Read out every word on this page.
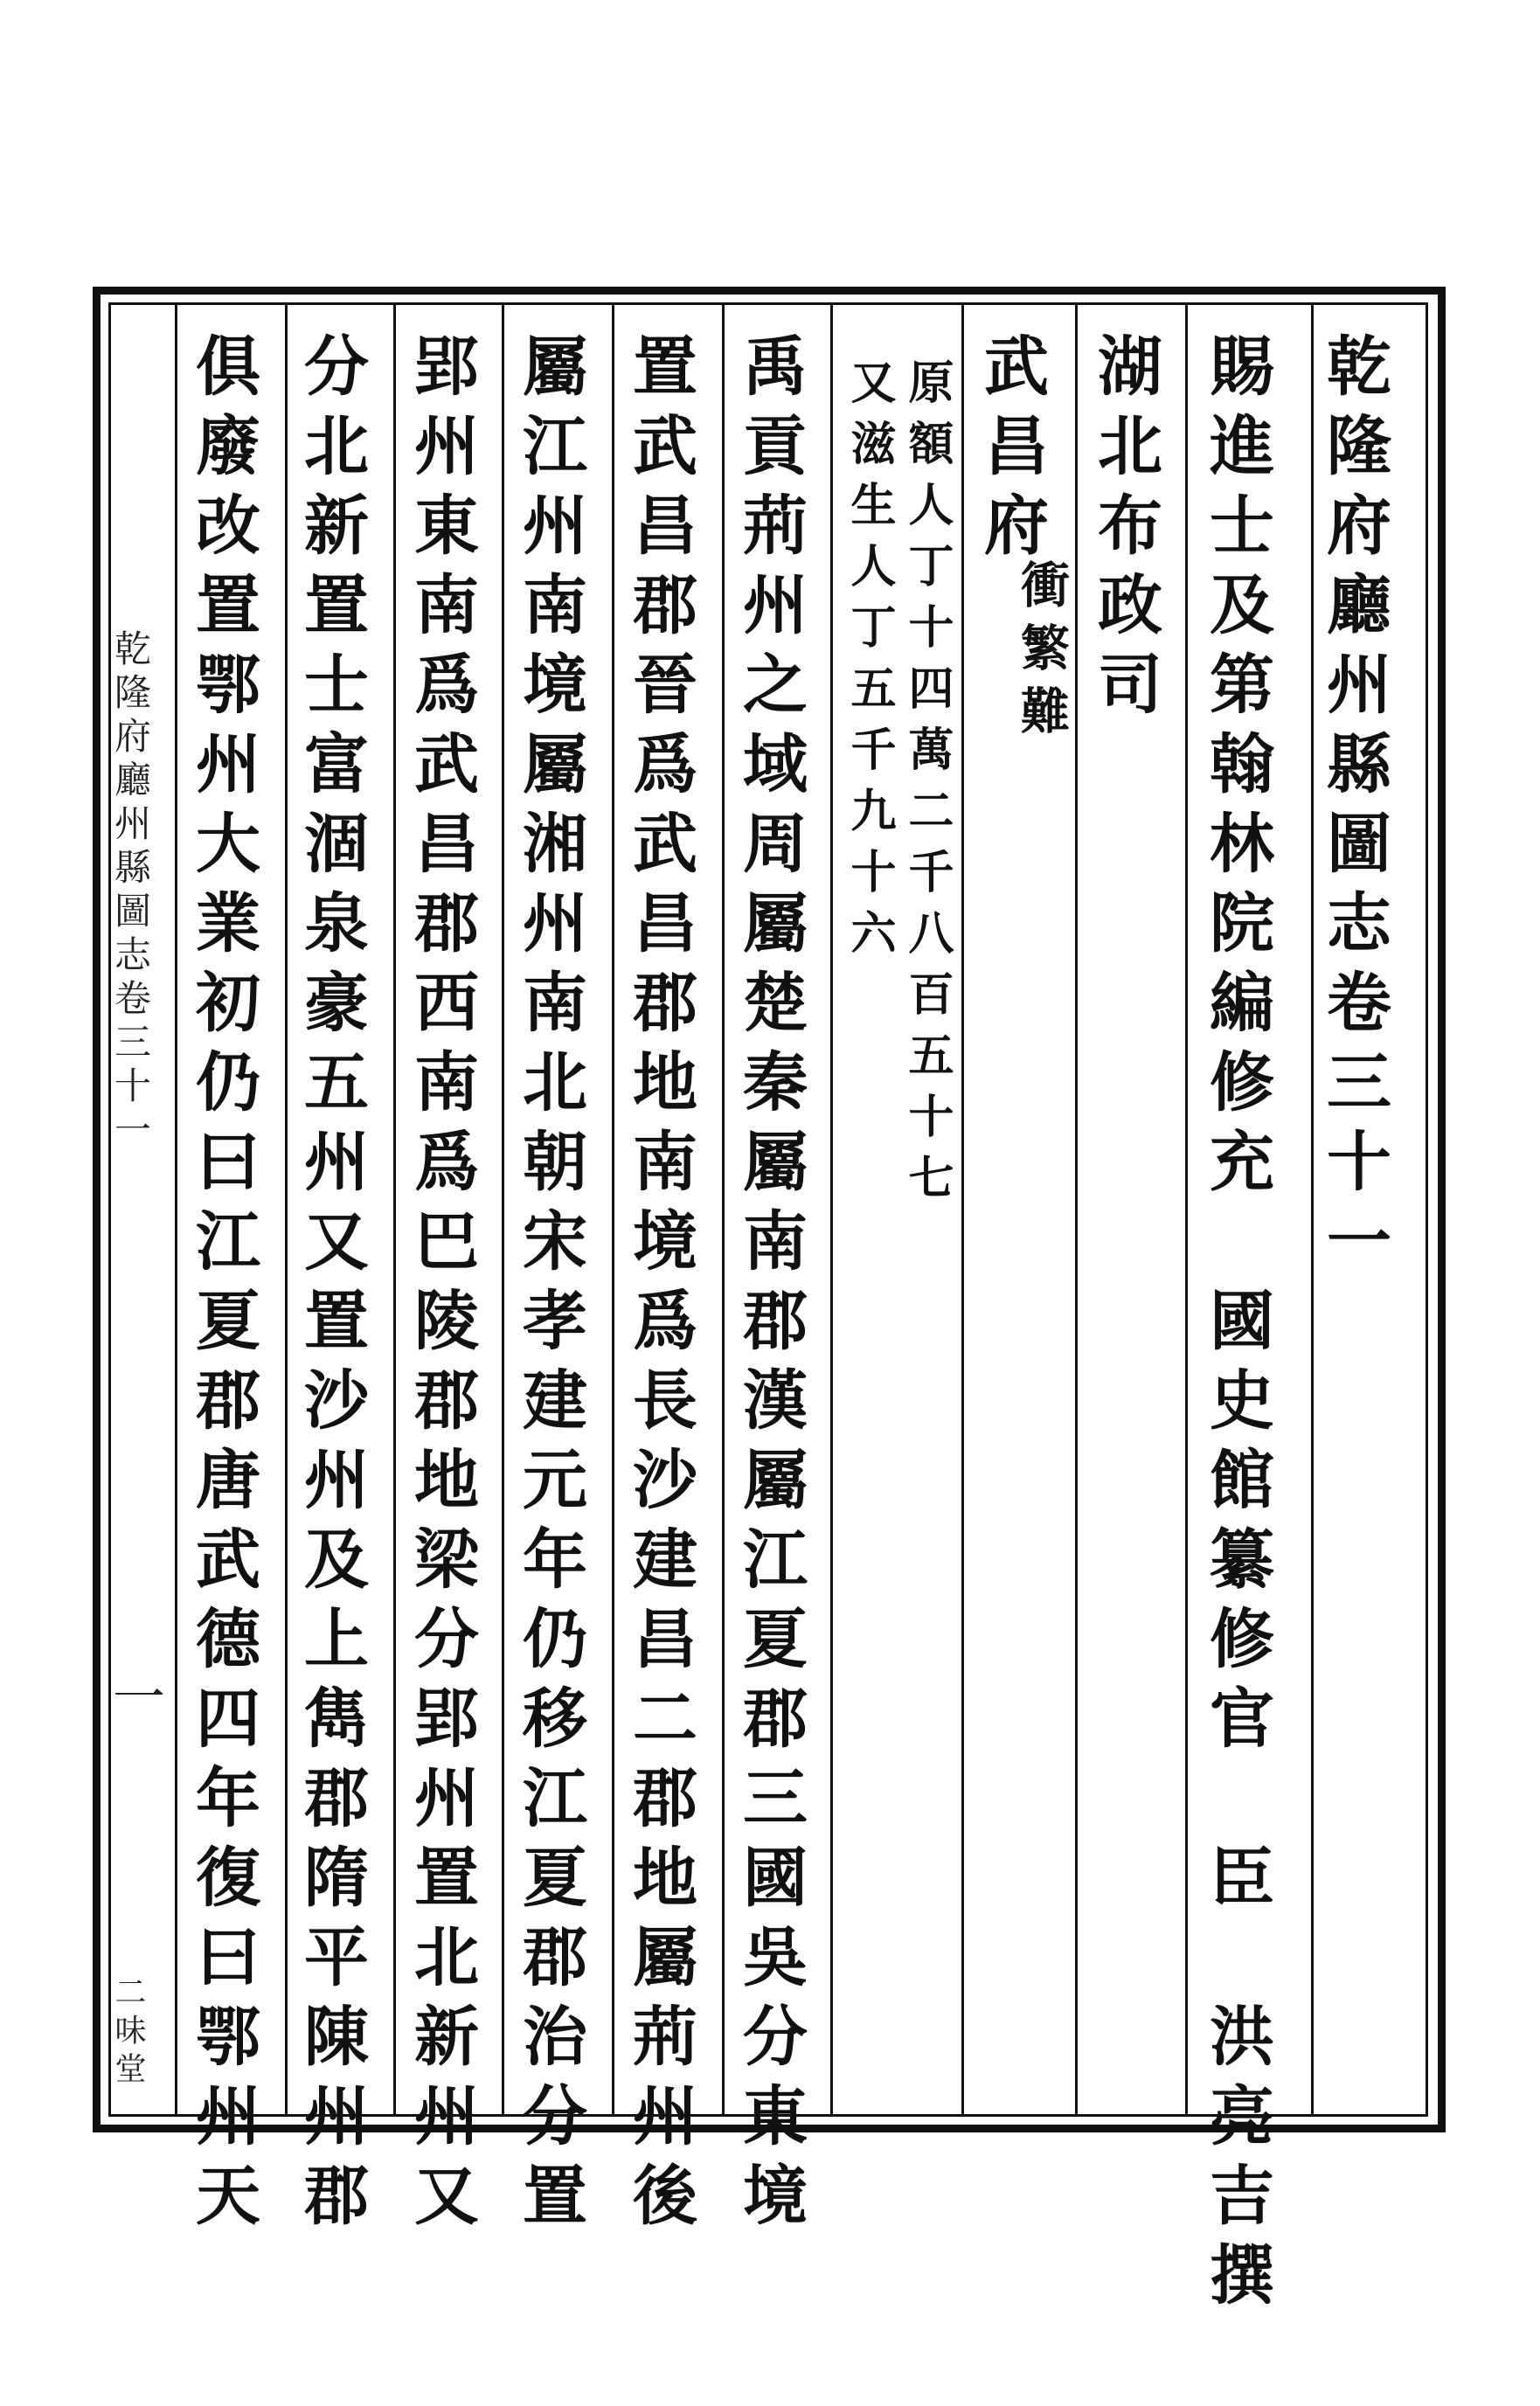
乾隆府廳州縣圖志卷三十一
賜進士及第翰林院編修充　國史館纂修官　臣　洪亮吉撰
湖北布政司
武昌府
衝繁難
原額人丁十四萬二千八百五十七
又滋生人丁五千九十六
禹貢荊州之域周屬楚秦屬南郡漢屬江夏郡三國吳分東境
置武昌郡晉爲武昌郡地南境爲長沙建昌二郡地屬荊州後
屬江州南境屬湘州南北朝宋孝建元年仍移江夏郡治分置
郢州東南爲武昌郡西南爲巴陵郡地梁分郢州置北新州又
分北新置士富涸泉豪五州又置沙州及上雋郡隋平陳州郡
俱廢改置鄂州大業初仍曰江夏郡唐武德四年復曰鄂州天
乾隆府廳州縣圖志卷三十一
一
二味堂
